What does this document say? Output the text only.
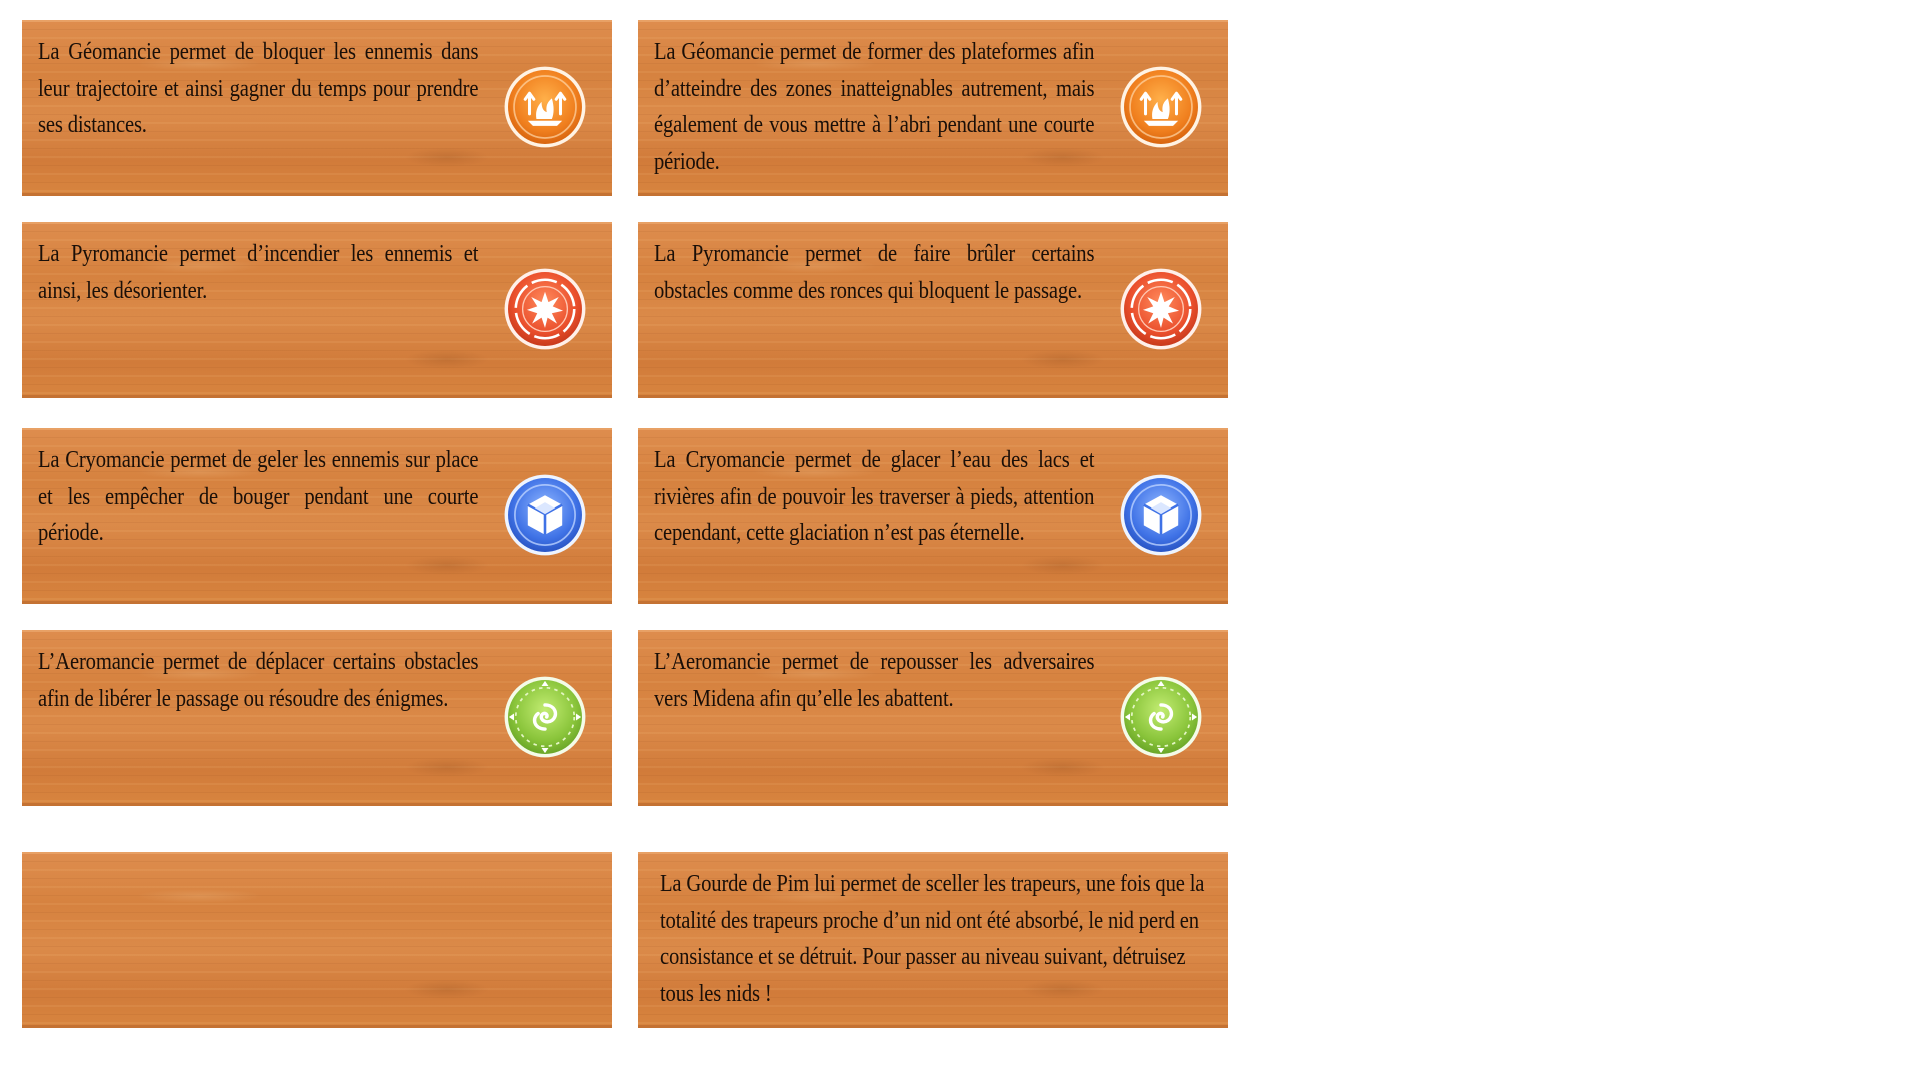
La Géomancie permet de bloquer les ennemis dans leur trajectoire et ainsi gagner du temps pour prendre ses distances.
La Géomancie permet de former des plateformes afin d’atteindre des zones inatteignables autrement, mais également de vous mettre à l’abri pendant une courte période.
La Pyromancie permet d’incendier les ennemis et ainsi, les désorienter.
La Pyromancie permet de faire brûler certains obstacles comme des ronces qui bloquent le passage.
La Cryomancie permet de geler les ennemis sur place et les empêcher de bouger pendant une courte période.
La Cryomancie permet de glacer l’eau des lacs et rivières afin de pouvoir les traverser à pieds, attention cependant, cette glaciation n’est pas éternelle.
L’Aeromancie permet de déplacer certains obstacles afin de libérer le passage ou résoudre des énigmes.
L’Aeromancie permet de repousser les adversaires vers Midena afin qu’elle les abattent.
La Gourde de Pim lui permet de sceller les trapeurs, une fois que la totalité des trapeurs proche d’un nid ont été absorbé, le nid perd en consistance et se détruit. Pour passer au niveau suivant, détruisez tous les nids !
